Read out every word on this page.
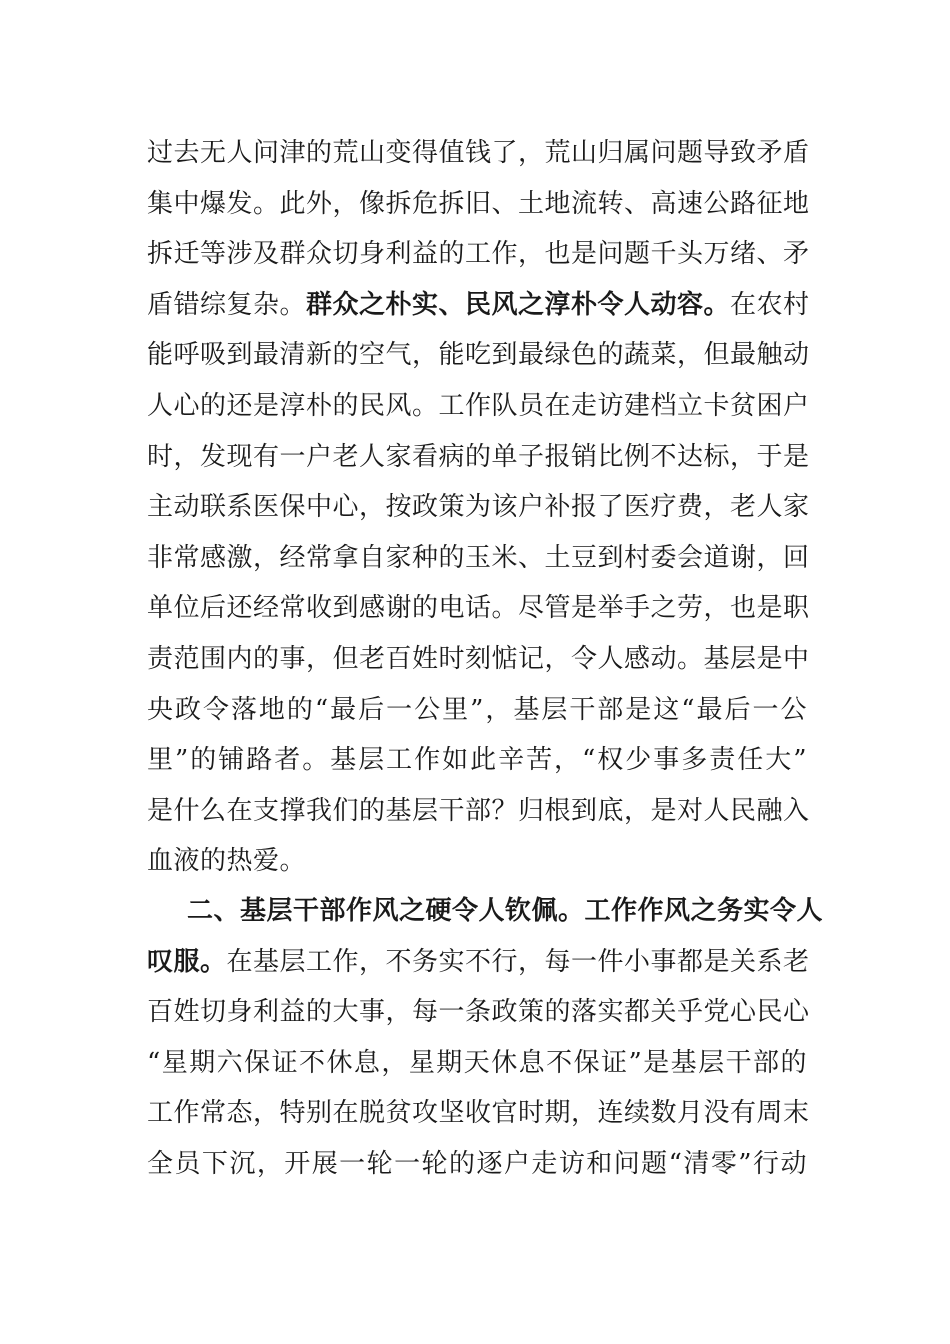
过去无人问津的荒山变得值钱了，荒山归属问题导致矛盾
集中爆发。此外，像拆危拆旧、土地流转、高速公路征地
拆迁等涉及群众切身利益的工作，也是问题千头万绪、矛
盾错综复杂。群众之朴实、民风之淳朴令人动容。在农村
能呼吸到最清新的空气，能吃到最绿色的蔬菜，但最触动
人心的还是淳朴的民风。工作队员在走访建档立卡贫困户
时，发现有一户老人家看病的单子报销比例不达标，于是
主动联系医保中心，按政策为该户补报了医疗费，老人家
非常感激，经常拿自家种的玉米、土豆到村委会道谢，回
单位后还经常收到感谢的电话。尽管是举手之劳，也是职
责范围内的事，但老百姓时刻惦记，令人感动。基层是中
央政令落地的“最后一公里”，基层干部是这“最后一公
里”的铺路者。基层工作如此辛苦，“权少事多责任大”
是什么在支撑我们的基层干部？归根到底，是对人民融入
血液的热爱。
二、基层干部作风之硬令人钦佩。工作作风之务实令人
叹服。在基层工作，不务实不行，每一件小事都是关系老
百姓切身利益的大事，每一条政策的落实都关乎党心民心
“星期六保证不休息，星期天休息不保证”是基层干部的
工作常态，特别在脱贫攻坚收官时期，连续数月没有周末
全员下沉，开展一轮一轮的逐户走访和问题“清零”行动
